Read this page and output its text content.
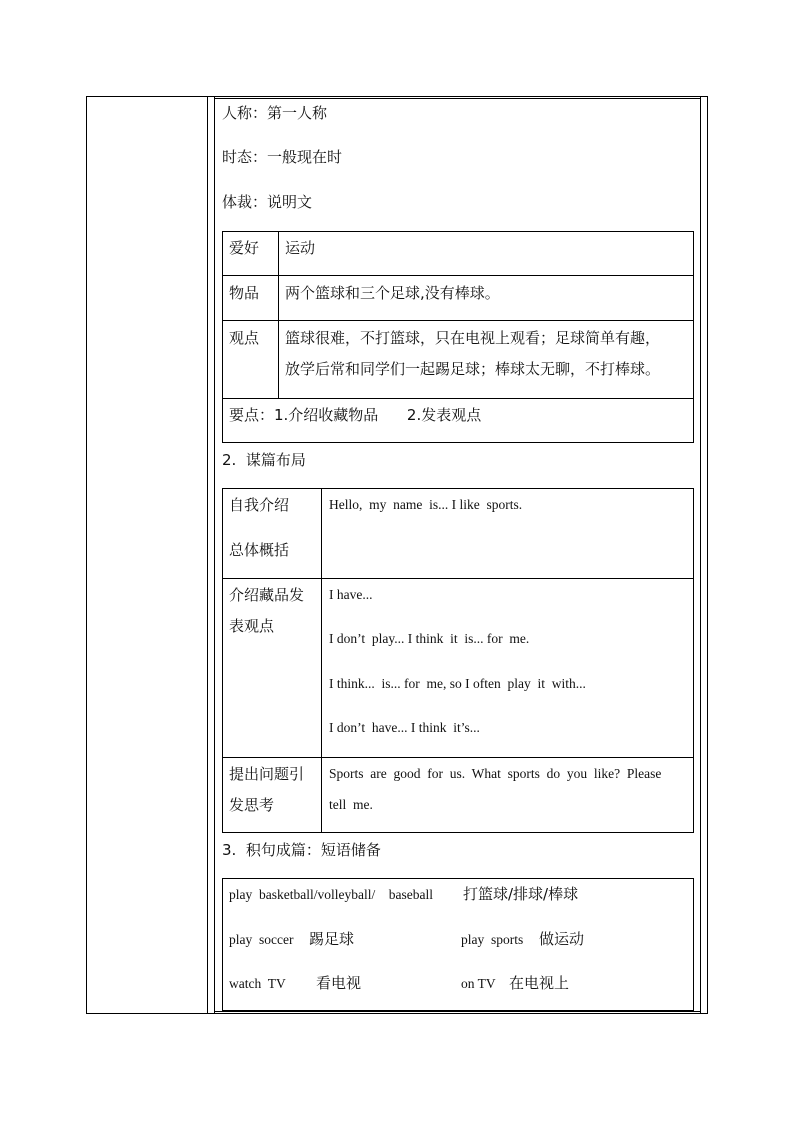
人称：第一人称
时态：一般现在时
体裁：说明文
爱好 运动
物品 两个篮球和三个足球,没有棒球。
观点 篮球很难，不打篮球，只在电视上观看；足球简单有趣，
放学后常和同学们一起踢足球；棒球太无聊，不打棒球。
要点：1.介绍收藏物品      2.发表观点
2.  谋篇布局
自我介绍
总体概括
Hello,  my  name  is... I like  sports.
介绍藏品发
表观点
I have...
I don’t  play... I think  it  is... for  me.
I think...  is... for  me, so I often  play  it  with...
I don’t  have... I think  it’s...
提出问题引
发思考
Sports  are  good  for  us.  What  sports  do  you  like?  Please
tell  me.
3.  积句成篇：短语储备
play  basketball/volleyball/    baseball 打篮球/排球/棒球
play  soccer 踢足球	play  sports 做运动
watch  TV 看电视	on TV 在电视上
